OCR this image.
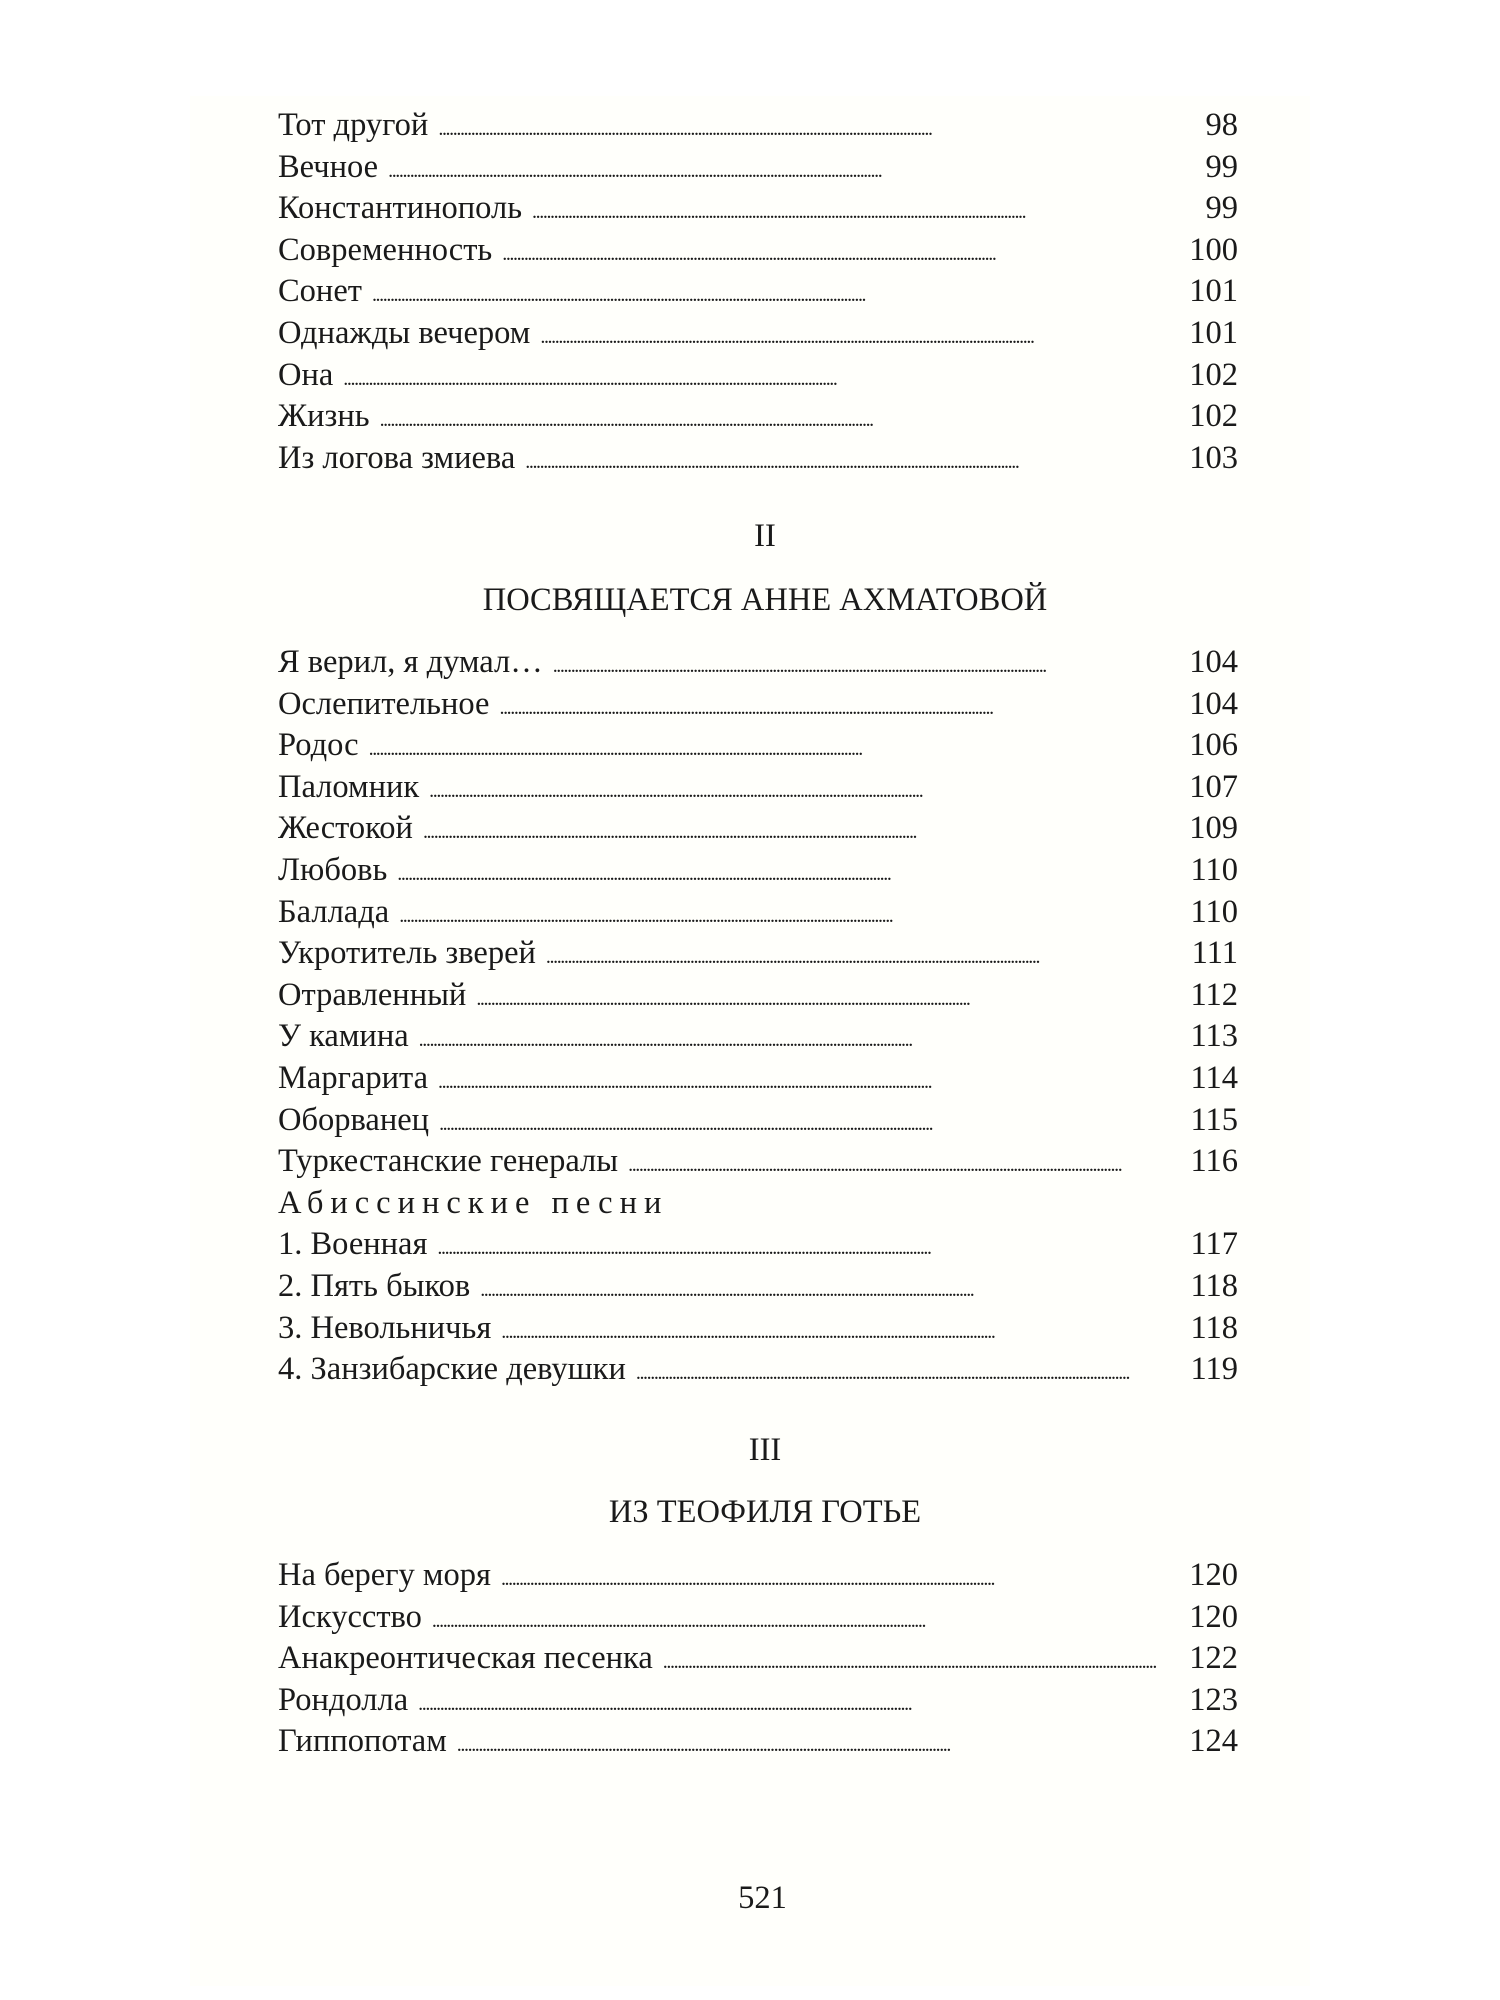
Тот другой . . .	98
Вечное . . .	99
Константинополь . . .	99
Современность . . .	100
Сонет . . .	101
Однажды вечером . . .	101
Она . . .	102
Жизнь . . .	102
Из логова змиева . . .	103
II
ПОСВЯЩАЕТСЯ АННЕ АХМАТОВОЙ
Я верил, я думал… . . .	104
Ослепительное . . .	104
Родос . . .	106
Паломник . . .	107
Жестокой . . .	109
Любовь . . .	110
Баллада . . .	110
Укротитель зверей . . .	111
Отравленный . . .	112
У камина . . .	113
Маргарита . . .	114
Оборванец . . .	115
Туркестанские генералы . . .	116
Абиссинские песни
1. Военная . . .	117
2. Пять быков . . .	118
3. Невольничья . . .	118
4. Занзибарские девушки . . .	119
III
ИЗ ТЕОФИЛЯ ГОТЬЕ
На берегу моря . . .	120
Искусство . . .	120
Анакреонтическая песенка . . .	122
Рондолла . . .	123
Гиппопотам . . .	124
521
